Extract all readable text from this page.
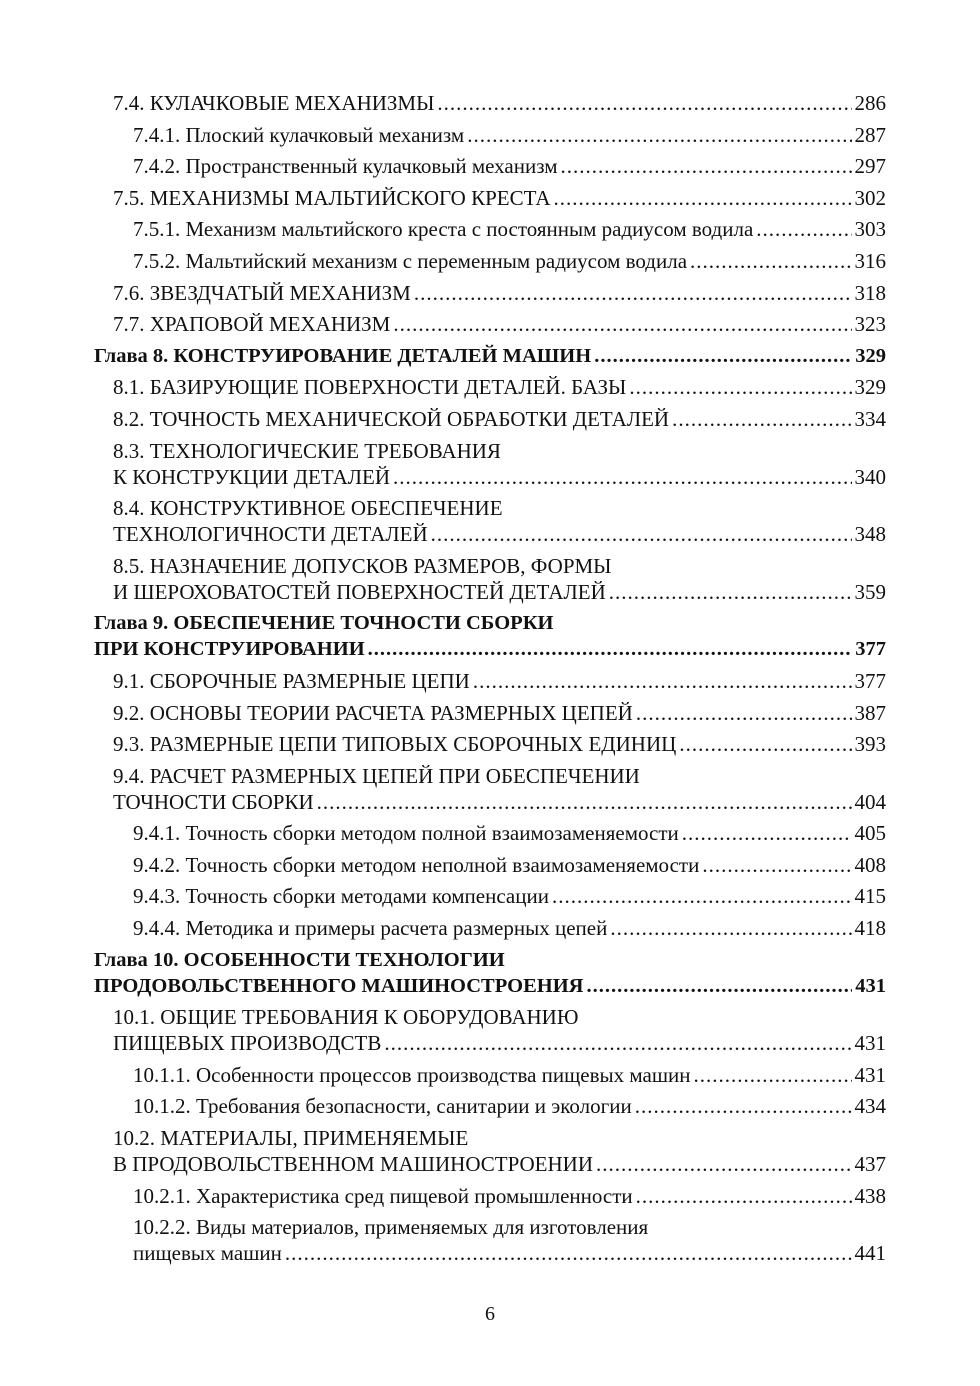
7.4. КУЛАЧКОВЫЕ МЕХАНИЗМЫ .....	286
7.4.1. Плоский кулачковый механизм .....	287
7.4.2. Пространственный кулачковый механизм .....	297
7.5. МЕХАНИЗМЫ МАЛЬТИЙСКОГО КРЕСТА .....	302
7.5.1. Механизм мальтийского креста с постоянным радиусом водила .....	303
7.5.2. Мальтийский механизм с переменным радиусом водила .....	316
7.6. ЗВЕЗДЧАТЫЙ МЕХАНИЗМ .....	318
7.7. ХРАПОВОЙ МЕХАНИЗМ .....	323
Глава 8. КОНСТРУИРОВАНИЕ ДЕТАЛЕЙ МАШИН .....	329
8.1. БАЗИРУЮЩИЕ ПОВЕРХНОСТИ ДЕТАЛЕЙ. БАЗЫ .....	329
8.2. ТОЧНОСТЬ МЕХАНИЧЕСКОЙ ОБРАБОТКИ ДЕТАЛЕЙ .....	334
8.3. ТЕХНОЛОГИЧЕСКИЕ ТРЕБОВАНИЯ
К КОНСТРУКЦИИ ДЕТАЛЕЙ .....	340
8.4. КОНСТРУКТИВНОЕ ОБЕСПЕЧЕНИЕ
ТЕХНОЛОГИЧНОСТИ ДЕТАЛЕЙ .....	348
8.5. НАЗНАЧЕНИЕ ДОПУСКОВ РАЗМЕРОВ, ФОРМЫ
И ШЕРОХОВАТОСТЕЙ ПОВЕРХНОСТЕЙ ДЕТАЛЕЙ .....	359
Глава 9. ОБЕСПЕЧЕНИЕ ТОЧНОСТИ СБОРКИ
ПРИ КОНСТРУИРОВАНИИ .....	377
9.1. СБОРОЧНЫЕ РАЗМЕРНЫЕ ЦЕПИ .....	377
9.2. ОСНОВЫ ТЕОРИИ РАСЧЕТА РАЗМЕРНЫХ ЦЕПЕЙ .....	387
9.3. РАЗМЕРНЫЕ ЦЕПИ ТИПОВЫХ СБОРОЧНЫХ ЕДИНИЦ .....	393
9.4. РАСЧЕТ РАЗМЕРНЫХ ЦЕПЕЙ ПРИ ОБЕСПЕЧЕНИИ
ТОЧНОСТИ СБОРКИ .....	404
9.4.1. Точность сборки методом полной взаимозаменяемости .....	405
9.4.2. Точность сборки методом неполной взаимозаменяемости .....	408
9.4.3. Точность сборки методами компенсации .....	415
9.4.4. Методика и примеры расчета размерных цепей .....	418
Глава 10. ОСОБЕННОСТИ ТЕХНОЛОГИИ
ПРОДОВОЛЬСТВЕННОГО МАШИНОСТРОЕНИЯ .....	431
10.1. ОБЩИЕ ТРЕБОВАНИЯ К ОБОРУДОВАНИЮ
ПИЩЕВЫХ ПРОИЗВОДСТВ .....	431
10.1.1. Особенности процессов производства пищевых машин .....	431
10.1.2. Требования безопасности, санитарии и экологии .....	434
10.2. МАТЕРИАЛЫ, ПРИМЕНЯЕМЫЕ
В ПРОДОВОЛЬСТВЕННОМ МАШИНОСТРОЕНИИ .....	437
10.2.1. Характеристика сред пищевой промышленности .....	438
10.2.2. Виды материалов, применяемых для изготовления
пищевых машин .....	441
6
